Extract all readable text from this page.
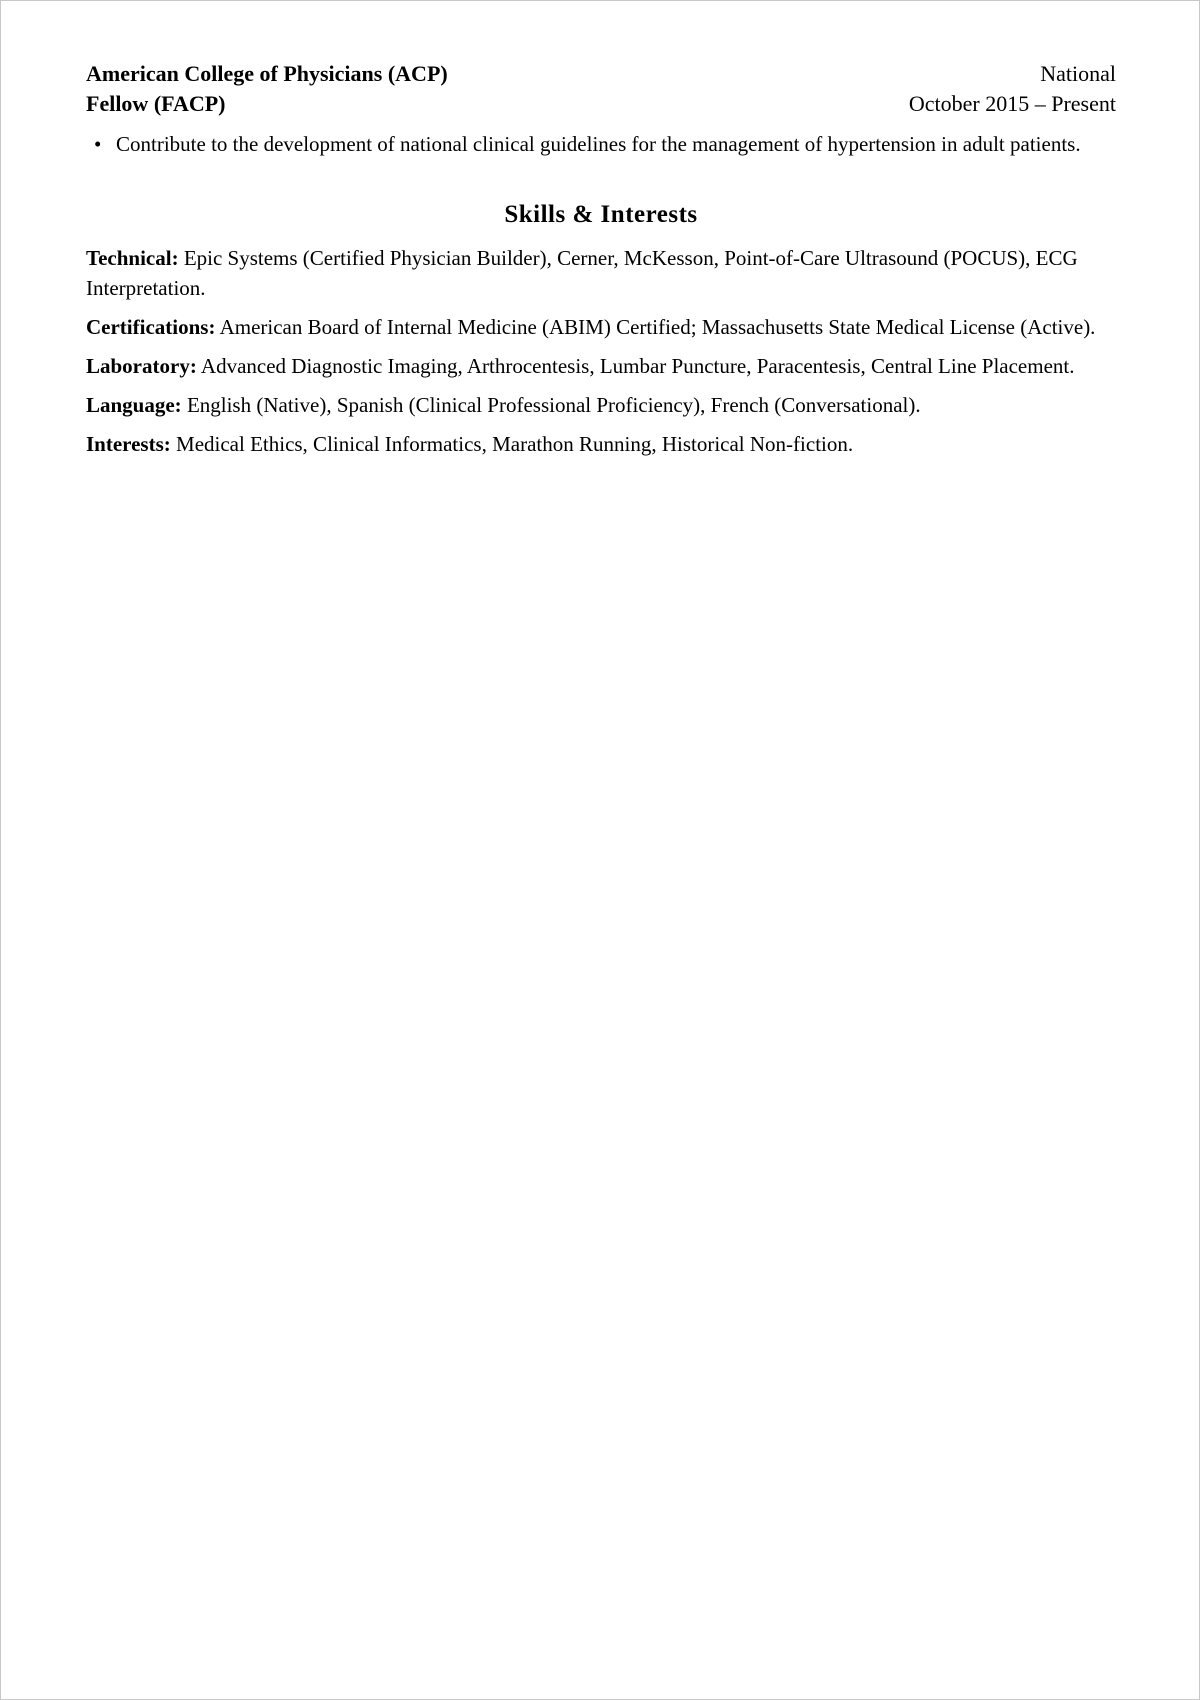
American College of Physicians (ACP)
Fellow (FACP)
National
October 2015 – Present
• Contribute to the development of national clinical guidelines for the management of hypertension in adult patients.
Skills & Interests

Technical: Epic Systems (Certified Physician Builder), Cerner, McKesson, Point-of-Care Ultrasound (POCUS), ECG Interpretation.

Certifications: American Board of Internal Medicine (ABIM) Certified; Massachusetts State Medical License (Active).

Laboratory: Advanced Diagnostic Imaging, Arthrocentesis, Lumbar Puncture, Paracentesis, Central Line Placement.

Language: English (Native), Spanish (Clinical Professional Proficiency), French (Conversational).

Interests: Medical Ethics, Clinical Informatics, Marathon Running, Historical Non-fiction.
